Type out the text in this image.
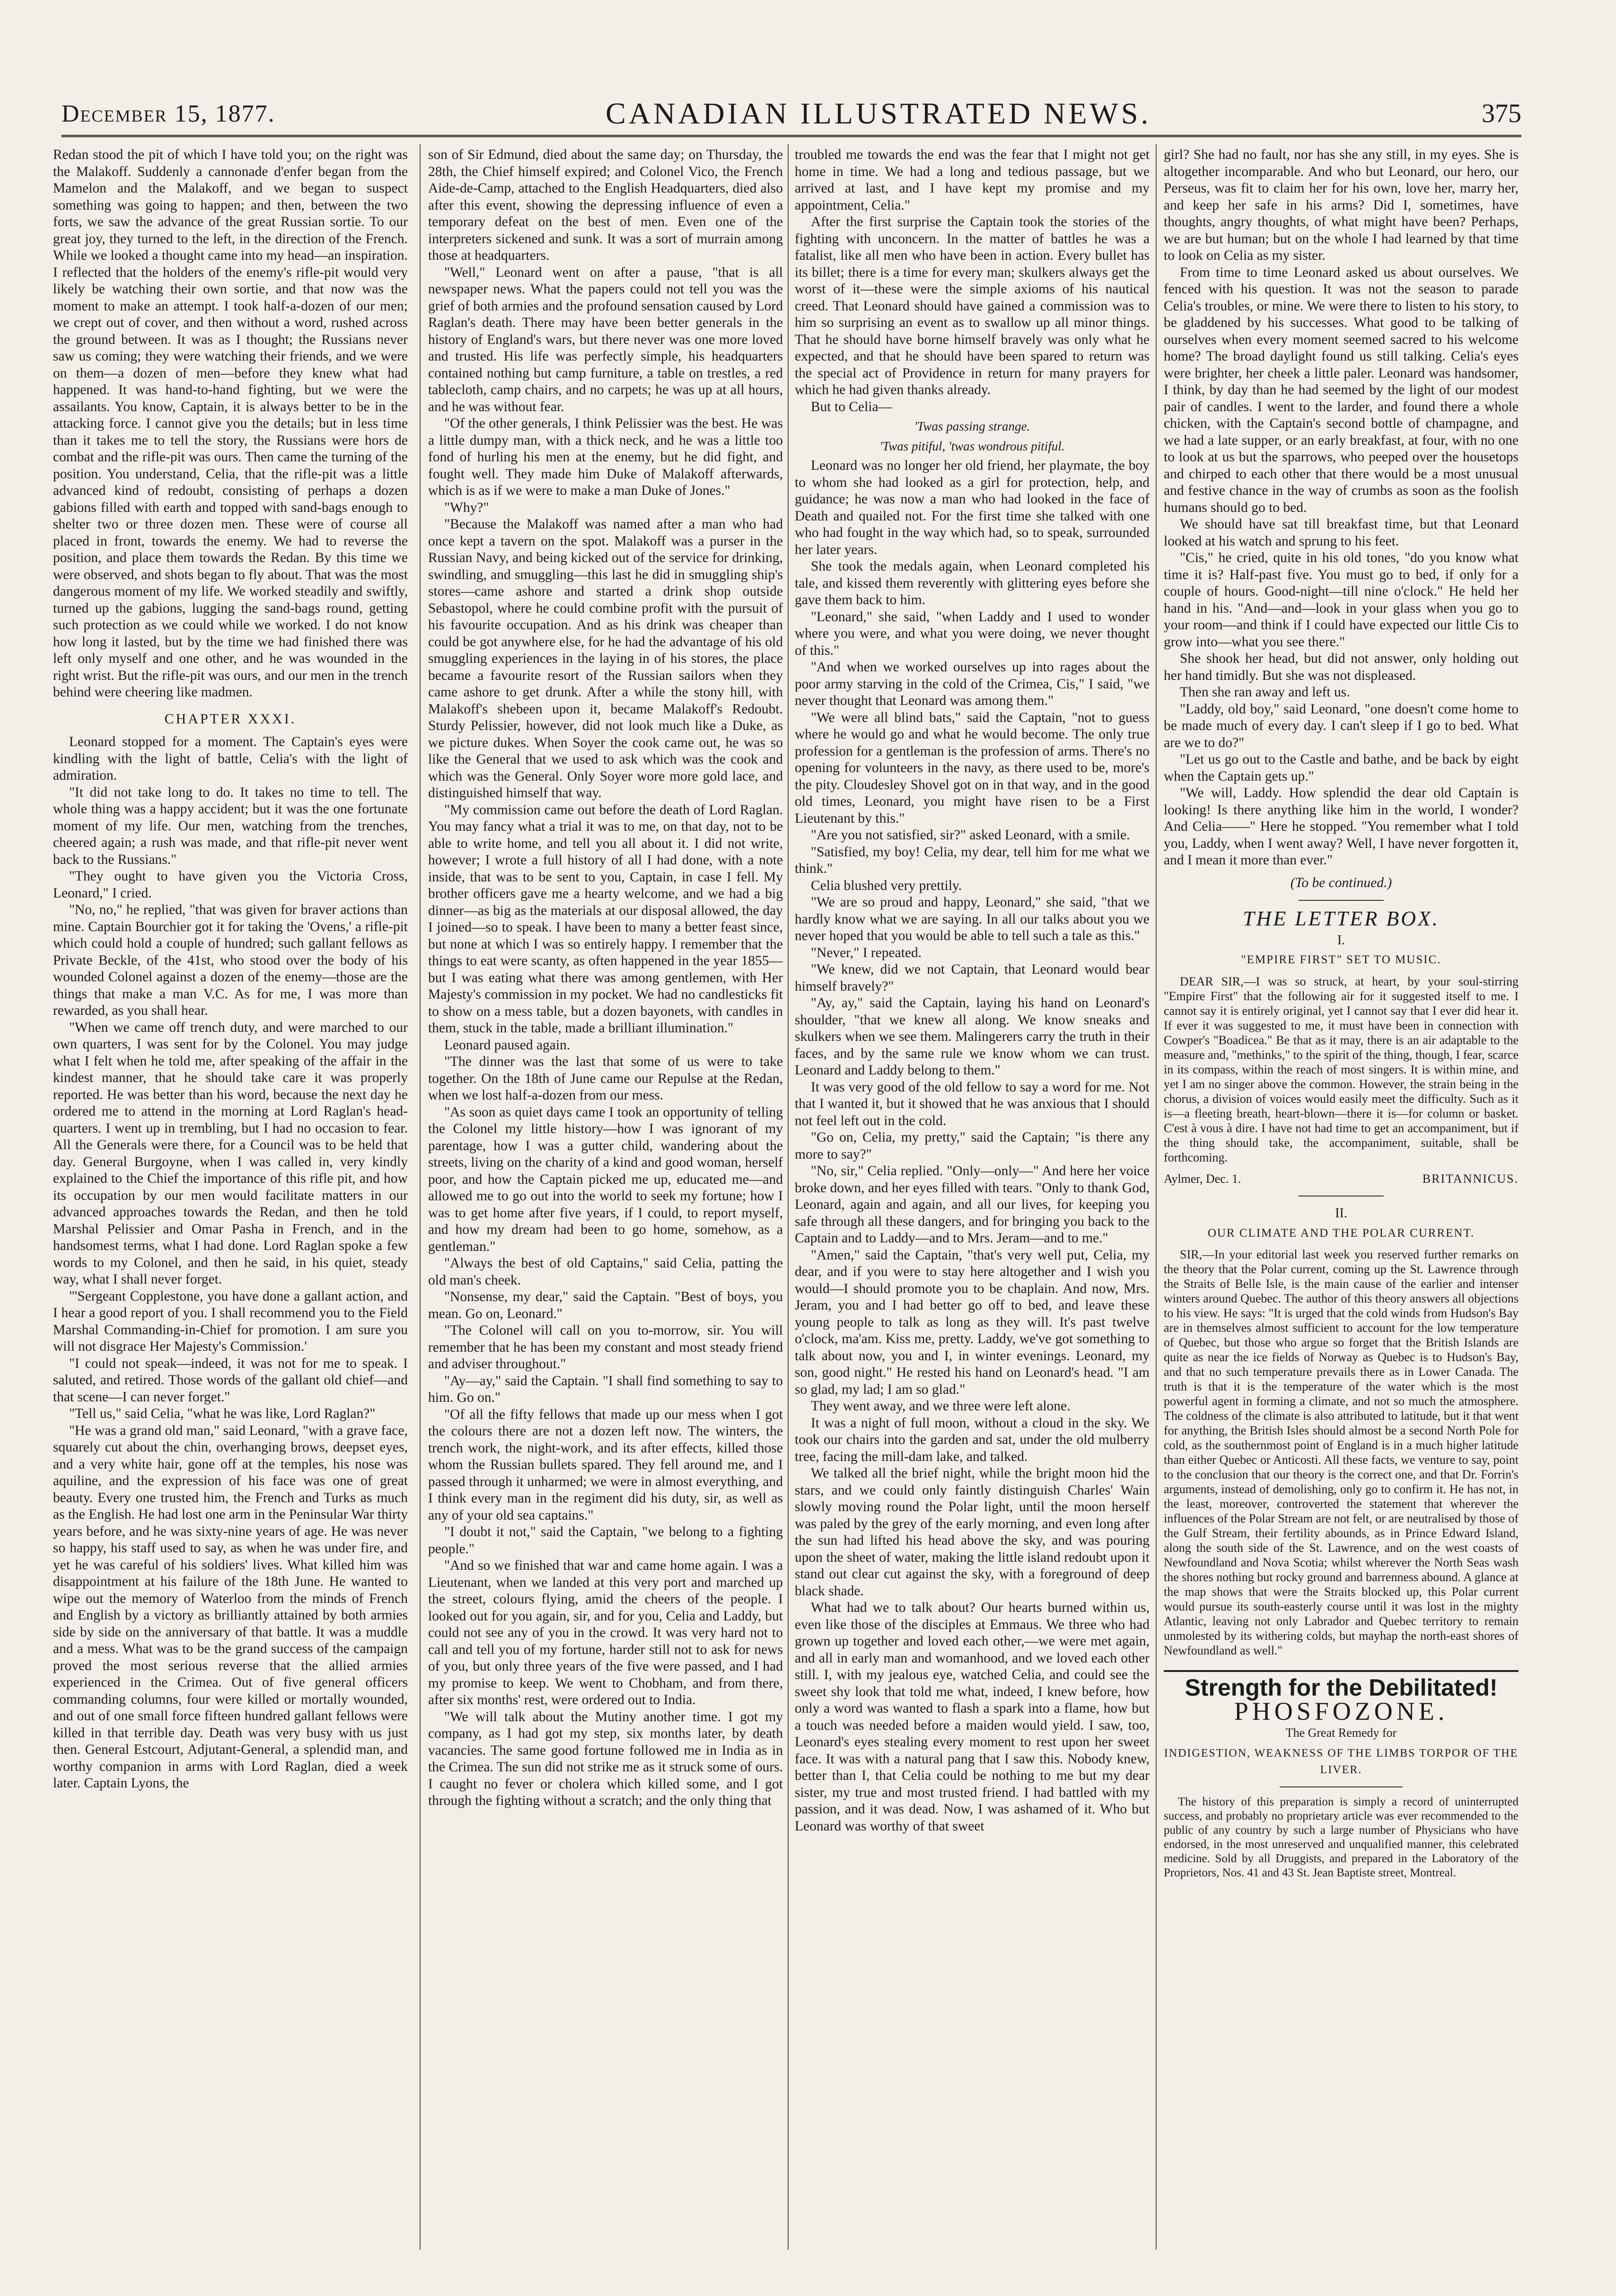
December 15, 1877.	CANADIAN ILLUSTRATED NEWS.	375

Redan stood the pit of which I have told you; on the right was the Malakoff. Suddenly a cannonade d'enfer began from the Mamelon and the Malakoff, and we began to suspect something was going to happen; and then, between the two forts, we saw the advance of the great Russian sortie. To our great joy, they turned to the left, in the direction of the French. While we looked a thought came into my head—an inspiration. I reflected that the holders of the enemy's rifle-pit would very likely be watching their own sortie, and that now was the moment to make an attempt. I took half-a-dozen of our men; we crept out of cover, and then without a word, rushed across the ground between. It was as I thought; the Russians never saw us coming; they were watching their friends, and we were on them—a dozen of men—before they knew what had happened. It was hand-to-hand fighting, but we were the assailants. You know, Captain, it is always better to be in the attacking force. I cannot give you the details; but in less time than it takes me to tell the story, the Russians were hors de combat and the rifle-pit was ours. Then came the turning of the position. You understand, Celia, that the rifle-pit was a little advanced kind of redoubt, consisting of perhaps a dozen gabions filled with earth and topped with sand-bags enough to shelter two or three dozen men. These were of course all placed in front, towards the enemy. We had to reverse the position, and place them towards the Redan. By this time we were observed, and shots began to fly about. That was the most dangerous moment of my life. We worked steadily and swiftly, turned up the gabions, lugging the sand-bags round, getting such protection as we could while we worked. I do not know how long it lasted, but by the time we had finished there was left only myself and one other, and he was wounded in the right wrist. But the rifle-pit was ours, and our men in the trench behind were cheering like madmen.

CHAPTER XXXI.

Leonard stopped for a moment. The Captain's eyes were kindling with the light of battle, Celia's with the light of admiration.

"It did not take long to do. It takes no time to tell. The whole thing was a happy accident; but it was the one fortunate moment of my life. Our men, watching from the trenches, cheered again; a rush was made, and that rifle-pit never went back to the Russians."

"They ought to have given you the Victoria Cross, Leonard," I cried.

"No, no," he replied, "that was given for braver actions than mine. Captain Bourchier got it for taking the 'Ovens,' a rifle-pit which could hold a couple of hundred; such gallant fellows as Private Beckle, of the 41st, who stood over the body of his wounded Colonel against a dozen of the enemy—those are the things that make a man V.C. As for me, I was more than rewarded, as you shall hear.

"When we came off trench duty, and were marched to our own quarters, I was sent for by the Colonel. You may judge what I felt when he told me, after speaking of the affair in the kindest manner, that he should take care it was properly reported. He was better than his word, because the next day he ordered me to attend in the morning at Lord Raglan's head-quarters. I went up in trembling, but I had no occasion to fear. All the Generals were there, for a Council was to be held that day. General Burgoyne, when I was called in, very kindly explained to the Chief the importance of this rifle pit, and how its occupation by our men would facilitate matters in our advanced approaches towards the Redan, and then he told Marshal Pelissier and Omar Pasha in French, and in the handsomest terms, what I had done. Lord Raglan spoke a few words to my Colonel, and then he said, in his quiet, steady way, what I shall never forget.

"'Sergeant Copplestone, you have done a gallant action, and I hear a good report of you. I shall recommend you to the Field Marshal Commanding-in-Chief for promotion. I am sure you will not disgrace Her Majesty's Commission.'

"I could not speak—indeed, it was not for me to speak. I saluted, and retired. Those words of the gallant old chief—and that scene—I can never forget."

"Tell us," said Celia, "what he was like, Lord Raglan?"

"He was a grand old man," said Leonard, "with a grave face, squarely cut about the chin, overhanging brows, deepset eyes, and a very white hair, gone off at the temples, his nose was aquiline, and the expression of his face was one of great beauty. Every one trusted him, the French and Turks as much as the English. He had lost one arm in the Peninsular War thirty years before, and he was sixty-nine years of age. He was never so happy, his staff used to say, as when he was under fire, and yet he was careful of his soldiers' lives. What killed him was disappointment at his failure of the 18th June. He wanted to wipe out the memory of Waterloo from the minds of French and English by a victory as brilliantly attained by both armies side by side on the anniversary of that battle. It was a muddle and a mess. What was to be the grand success of the campaign proved the most serious reverse that the allied armies experienced in the Crimea. Out of five general officers commanding columns, four were killed or mortally wounded, and out of one small force fifteen hundred gallant fellows were killed in that terrible day. Death was very busy with us just then. General Estcourt, Adjutant-General, a splendid man, and worthy companion in arms with Lord Raglan, died a week later. Captain Lyons, the

son of Sir Edmund, died about the same day; on Thursday, the 28th, the Chief himself expired; and Colonel Vico, the French Aide-de-Camp, attached to the English Headquarters, died also after this event, showing the depressing influence of even a temporary defeat on the best of men. Even one of the interpreters sickened and sunk. It was a sort of murrain among those at headquarters.

"Well," Leonard went on after a pause, "that is all newspaper news. What the papers could not tell you was the grief of both armies and the profound sensation caused by Lord Raglan's death. There may have been better generals in the history of England's wars, but there never was one more loved and trusted. His life was perfectly simple, his headquarters contained nothing but camp furniture, a table on trestles, a red tablecloth, camp chairs, and no carpets; he was up at all hours, and he was without fear.

"Of the other generals, I think Pelissier was the best. He was a little dumpy man, with a thick neck, and he was a little too fond of hurling his men at the enemy, but he did fight, and fought well. They made him Duke of Malakoff afterwards, which is as if we were to make a man Duke of Jones."

"Why?"

"Because the Malakoff was named after a man who had once kept a tavern on the spot. Malakoff was a purser in the Russian Navy, and being kicked out of the service for drinking, swindling, and smuggling—this last he did in smuggling ship's stores—came ashore and started a drink shop outside Sebastopol, where he could combine profit with the pursuit of his favourite occupation. And as his drink was cheaper than could be got anywhere else, for he had the advantage of his old smuggling experiences in the laying in of his stores, the place became a favourite resort of the Russian sailors when they came ashore to get drunk. After a while the stony hill, with Malakoff's shebeen upon it, became Malakoff's Redoubt. Sturdy Pelissier, however, did not look much like a Duke, as we picture dukes. When Soyer the cook came out, he was so like the General that we used to ask which was the cook and which was the General. Only Soyer wore more gold lace, and distinguished himself that way.

"My commission came out before the death of Lord Raglan. You may fancy what a trial it was to me, on that day, not to be able to write home, and tell you all about it. I did not write, however; I wrote a full history of all I had done, with a note inside, that was to be sent to you, Captain, in case I fell. My brother officers gave me a hearty welcome, and we had a big dinner—as big as the materials at our disposal allowed, the day I joined—so to speak. I have been to many a better feast since, but none at which I was so entirely happy. I remember that the things to eat were scanty, as often happened in the year 1855—but I was eating what there was among gentlemen, with Her Majesty's commission in my pocket. We had no candlesticks fit to show on a mess table, but a dozen bayonets, with candles in them, stuck in the table, made a brilliant illumination."

Leonard paused again.

"The dinner was the last that some of us were to take together. On the 18th of June came our Repulse at the Redan, when we lost half-a-dozen from our mess.

"As soon as quiet days came I took an opportunity of telling the Colonel my little history—how I was ignorant of my parentage, how I was a gutter child, wandering about the streets, living on the charity of a kind and good woman, herself poor, and how the Captain picked me up, educated me—and allowed me to go out into the world to seek my fortune; how I was to get home after five years, if I could, to report myself, and how my dream had been to go home, somehow, as a gentleman."

"Always the best of old Captains," said Celia, patting the old man's cheek.

"Nonsense, my dear," said the Captain. "Best of boys, you mean. Go on, Leonard."

"The Colonel will call on you to-morrow, sir. You will remember that he has been my constant and most steady friend and adviser throughout."

"Ay—ay," said the Captain. "I shall find something to say to him. Go on."

"Of all the fifty fellows that made up our mess when I got the colours there are not a dozen left now. The winters, the trench work, the night-work, and its after effects, killed those whom the Russian bullets spared. They fell around me, and I passed through it unharmed; we were in almost everything, and I think every man in the regiment did his duty, sir, as well as any of your old sea captains."

"I doubt it not," said the Captain, "we belong to a fighting people."

"And so we finished that war and came home again. I was a Lieutenant, when we landed at this very port and marched up the street, colours flying, amid the cheers of the people. I looked out for you again, sir, and for you, Celia and Laddy, but could not see any of you in the crowd. It was very hard not to call and tell you of my fortune, harder still not to ask for news of you, but only three years of the five were passed, and I had my promise to keep. We went to Chobham, and from there, after six months' rest, were ordered out to India.

"We will talk about the Mutiny another time. I got my company, as I had got my step, six months later, by death vacancies. The same good fortune followed me in India as in the Crimea. The sun did not strike me as it struck some of ours. I caught no fever or cholera which killed some, and I got through the fighting without a scratch; and the only thing that

troubled me towards the end was the fear that I might not get home in time. We had a long and tedious passage, but we arrived at last, and I have kept my promise and my appointment, Celia."

After the first surprise the Captain took the stories of the fighting with unconcern. In the matter of battles he was a fatalist, like all men who have been in action. Every bullet has its billet; there is a time for every man; skulkers always get the worst of it—these were the simple axioms of his nautical creed. That Leonard should have gained a commission was to him so surprising an event as to swallow up all minor things. That he should have borne himself bravely was only what he expected, and that he should have been spared to return was the special act of Providence in return for many prayers for which he had given thanks already.

But to Celia—

'Twas passing strange.
'Twas pitiful, 'twas wondrous pitiful.

Leonard was no longer her old friend, her playmate, the boy to whom she had looked as a girl for protection, help, and guidance; he was now a man who had looked in the face of Death and quailed not. For the first time she talked with one who had fought in the way which had, so to speak, surrounded her later years.

She took the medals again, when Leonard completed his tale, and kissed them reverently with glittering eyes before she gave them back to him.

"Leonard," she said, "when Laddy and I used to wonder where you were, and what you were doing, we never thought of this."

"And when we worked ourselves up into rages about the poor army starving in the cold of the Crimea, Cis," I said, "we never thought that Leonard was among them."

"We were all blind bats," said the Captain, "not to guess where he would go and what he would become. The only true profession for a gentleman is the profession of arms. There's no opening for volunteers in the navy, as there used to be, more's the pity. Cloudesley Shovel got on in that way, and in the good old times, Leonard, you might have risen to be a First Lieutenant by this."

"Are you not satisfied, sir?" asked Leonard, with a smile.

"Satisfied, my boy! Celia, my dear, tell him for me what we think."

Celia blushed very prettily.

"We are so proud and happy, Leonard," she said, "that we hardly know what we are saying. In all our talks about you we never hoped that you would be able to tell such a tale as this."

"Never," I repeated.

"We knew, did we not Captain, that Leonard would bear himself bravely?"

"Ay, ay," said the Captain, laying his hand on Leonard's shoulder, "that we knew all along. We know sneaks and skulkers when we see them. Malingerers carry the truth in their faces, and by the same rule we know whom we can trust. Leonard and Laddy belong to them."

It was very good of the old fellow to say a word for me. Not that I wanted it, but it showed that he was anxious that I should not feel left out in the cold.

"Go on, Celia, my pretty," said the Captain; "is there any more to say?"

"No, sir," Celia replied. "Only—only—" And here her voice broke down, and her eyes filled with tears. "Only to thank God, Leonard, again and again, and all our lives, for keeping you safe through all these dangers, and for bringing you back to the Captain and to Laddy—and to Mrs. Jeram—and to me."

"Amen," said the Captain, "that's very well put, Celia, my dear, and if you were to stay here altogether and I wish you would—I should promote you to be chaplain. And now, Mrs. Jeram, you and I had better go off to bed, and leave these young people to talk as long as they will. It's past twelve o'clock, ma'am. Kiss me, pretty. Laddy, we've got something to talk about now, you and I, in winter evenings. Leonard, my son, good night." He rested his hand on Leonard's head. "I am so glad, my lad; I am so glad."

They went away, and we three were left alone.

It was a night of full moon, without a cloud in the sky. We took our chairs into the garden and sat, under the old mulberry tree, facing the mill-dam lake, and talked.

We talked all the brief night, while the bright moon hid the stars, and we could only faintly distinguish Charles' Wain slowly moving round the Polar light, until the moon herself was paled by the grey of the early morning, and even long after the sun had lifted his head above the sky, and was pouring upon the sheet of water, making the little island redoubt upon it stand out clear cut against the sky, with a foreground of deep black shade.

What had we to talk about? Our hearts burned within us, even like those of the disciples at Emmaus. We three who had grown up together and loved each other,—we were met again, and all in early man and womanhood, and we loved each other still. I, with my jealous eye, watched Celia, and could see the sweet shy look that told me what, indeed, I knew before, how only a word was wanted to flash a spark into a flame, how but a touch was needed before a maiden would yield. I saw, too, Leonard's eyes stealing every moment to rest upon her sweet face. It was with a natural pang that I saw this. Nobody knew, better than I, that Celia could be nothing to me but my dear sister, my true and most trusted friend. I had battled with my passion, and it was dead. Now, I was ashamed of it. Who but Leonard was worthy of that sweet

girl? She had no fault, nor has she any still, in my eyes. She is altogether incomparable. And who but Leonard, our hero, our Perseus, was fit to claim her for his own, love her, marry her, and keep her safe in his arms? Did I, sometimes, have thoughts, angry thoughts, of what might have been? Perhaps, we are but human; but on the whole I had learned by that time to look on Celia as my sister.

From time to time Leonard asked us about ourselves. We fenced with his question. It was not the season to parade Celia's troubles, or mine. We were there to listen to his story, to be gladdened by his successes. What good to be talking of ourselves when every moment seemed sacred to his welcome home? The broad daylight found us still talking. Celia's eyes were brighter, her cheek a little paler. Leonard was handsomer, I think, by day than he had seemed by the light of our modest pair of candles. I went to the larder, and found there a whole chicken, with the Captain's second bottle of champagne, and we had a late supper, or an early breakfast, at four, with no one to look at us but the sparrows, who peeped over the housetops and chirped to each other that there would be a most unusual and festive chance in the way of crumbs as soon as the foolish humans should go to bed.

We should have sat till breakfast time, but that Leonard looked at his watch and sprung to his feet.

"Cis," he cried, quite in his old tones, "do you know what time it is? Half-past five. You must go to bed, if only for a couple of hours. Good-night—till nine o'clock." He held her hand in his. "And—and—look in your glass when you go to your room—and think if I could have expected our little Cis to grow into—what you see there."

She shook her head, but did not answer, only holding out her hand timidly. But she was not displeased.

Then she ran away and left us.

"Laddy, old boy," said Leonard, "one doesn't come home to be made much of every day. I can't sleep if I go to bed. What are we to do?"

"Let us go out to the Castle and bathe, and be back by eight when the Captain gets up."

"We will, Laddy. How splendid the dear old Captain is looking! Is there anything like him in the world, I wonder? And Celia——" Here he stopped. "You remember what I told you, Laddy, when I went away? Well, I have never forgotten it, and I mean it more than ever."

(To be continued.)
THE LETTER BOX.
I.
"EMPIRE FIRST" SET TO MUSIC.

DEAR SIR,—I was so struck, at heart, by your soul-stirring "Empire First" that the following air for it suggested itself to me. I cannot say it is entirely original, yet I cannot say that I ever did hear it. If ever it was suggested to me, it must have been in connection with Cowper's "Boadicea." Be that as it may, there is an air adaptable to the measure and, "methinks," to the spirit of the thing, though, I fear, scarce in its compass, within the reach of most singers. It is within mine, and yet I am no singer above the common. However, the strain being in the chorus, a division of voices would easily meet the difficulty. Such as it is—a fleeting breath, heart-blown—there it is—for column or basket. C'est à vous à dire. I have not had time to get an accompaniment, but if the thing should take, the accompaniment, suitable, shall be forthcoming.

Aylmer, Dec. 1.	BRITANNICUS.
II.
OUR CLIMATE AND THE POLAR CURRENT.

SIR,—In your editorial last week you reserved further remarks on the theory that the Polar current, coming up the St. Lawrence through the Straits of Belle Isle, is the main cause of the earlier and intenser winters around Quebec. The author of this theory answers all objections to his view. He says: "It is urged that the cold winds from Hudson's Bay are in themselves almost sufficient to account for the low temperature of Quebec, but those who argue so forget that the British Islands are quite as near the ice fields of Norway as Quebec is to Hudson's Bay, and that no such temperature prevails there as in Lower Canada. The truth is that it is the temperature of the water which is the most powerful agent in forming a climate, and not so much the atmosphere. The coldness of the climate is also attributed to latitude, but it that went for anything, the British Isles should almost be a second North Pole for cold, as the southernmost point of England is in a much higher latitude than either Quebec or Anticosti. All these facts, we venture to say, point to the conclusion that our theory is the correct one, and that Dr. Forrin's arguments, instead of demolishing, only go to confirm it. He has not, in the least, moreover, controverted the statement that wherever the influences of the Polar Stream are not felt, or are neutralised by those of the Gulf Stream, their fertility abounds, as in Prince Edward Island, along the south side of the St. Lawrence, and on the west coasts of Newfoundland and Nova Scotia; whilst wherever the North Seas wash the shores nothing but rocky ground and barrenness abound. A glance at the map shows that were the Straits blocked up, this Polar current would pursue its south-easterly course until it was lost in the mighty Atlantic, leaving not only Labrador and Quebec territory to remain unmolested by its withering colds, but mayhap the north-east shores of Newfoundland as well."

Strength for the Debilitated!
PHOSFOZONE.
The Great Remedy for
INDIGESTION, WEAKNESS OF THE LIMBS TORPOR OF THE LIVER.

The history of this preparation is simply a record of uninterrupted success, and probably no proprietary article was ever recommended to the public of any country by such a large number of Physicians who have endorsed, in the most unreserved and unqualified manner, this celebrated medicine. Sold by all Druggists, and prepared in the Laboratory of the Proprietors, Nos. 41 and 43 St. Jean Baptiste street, Montreal.
